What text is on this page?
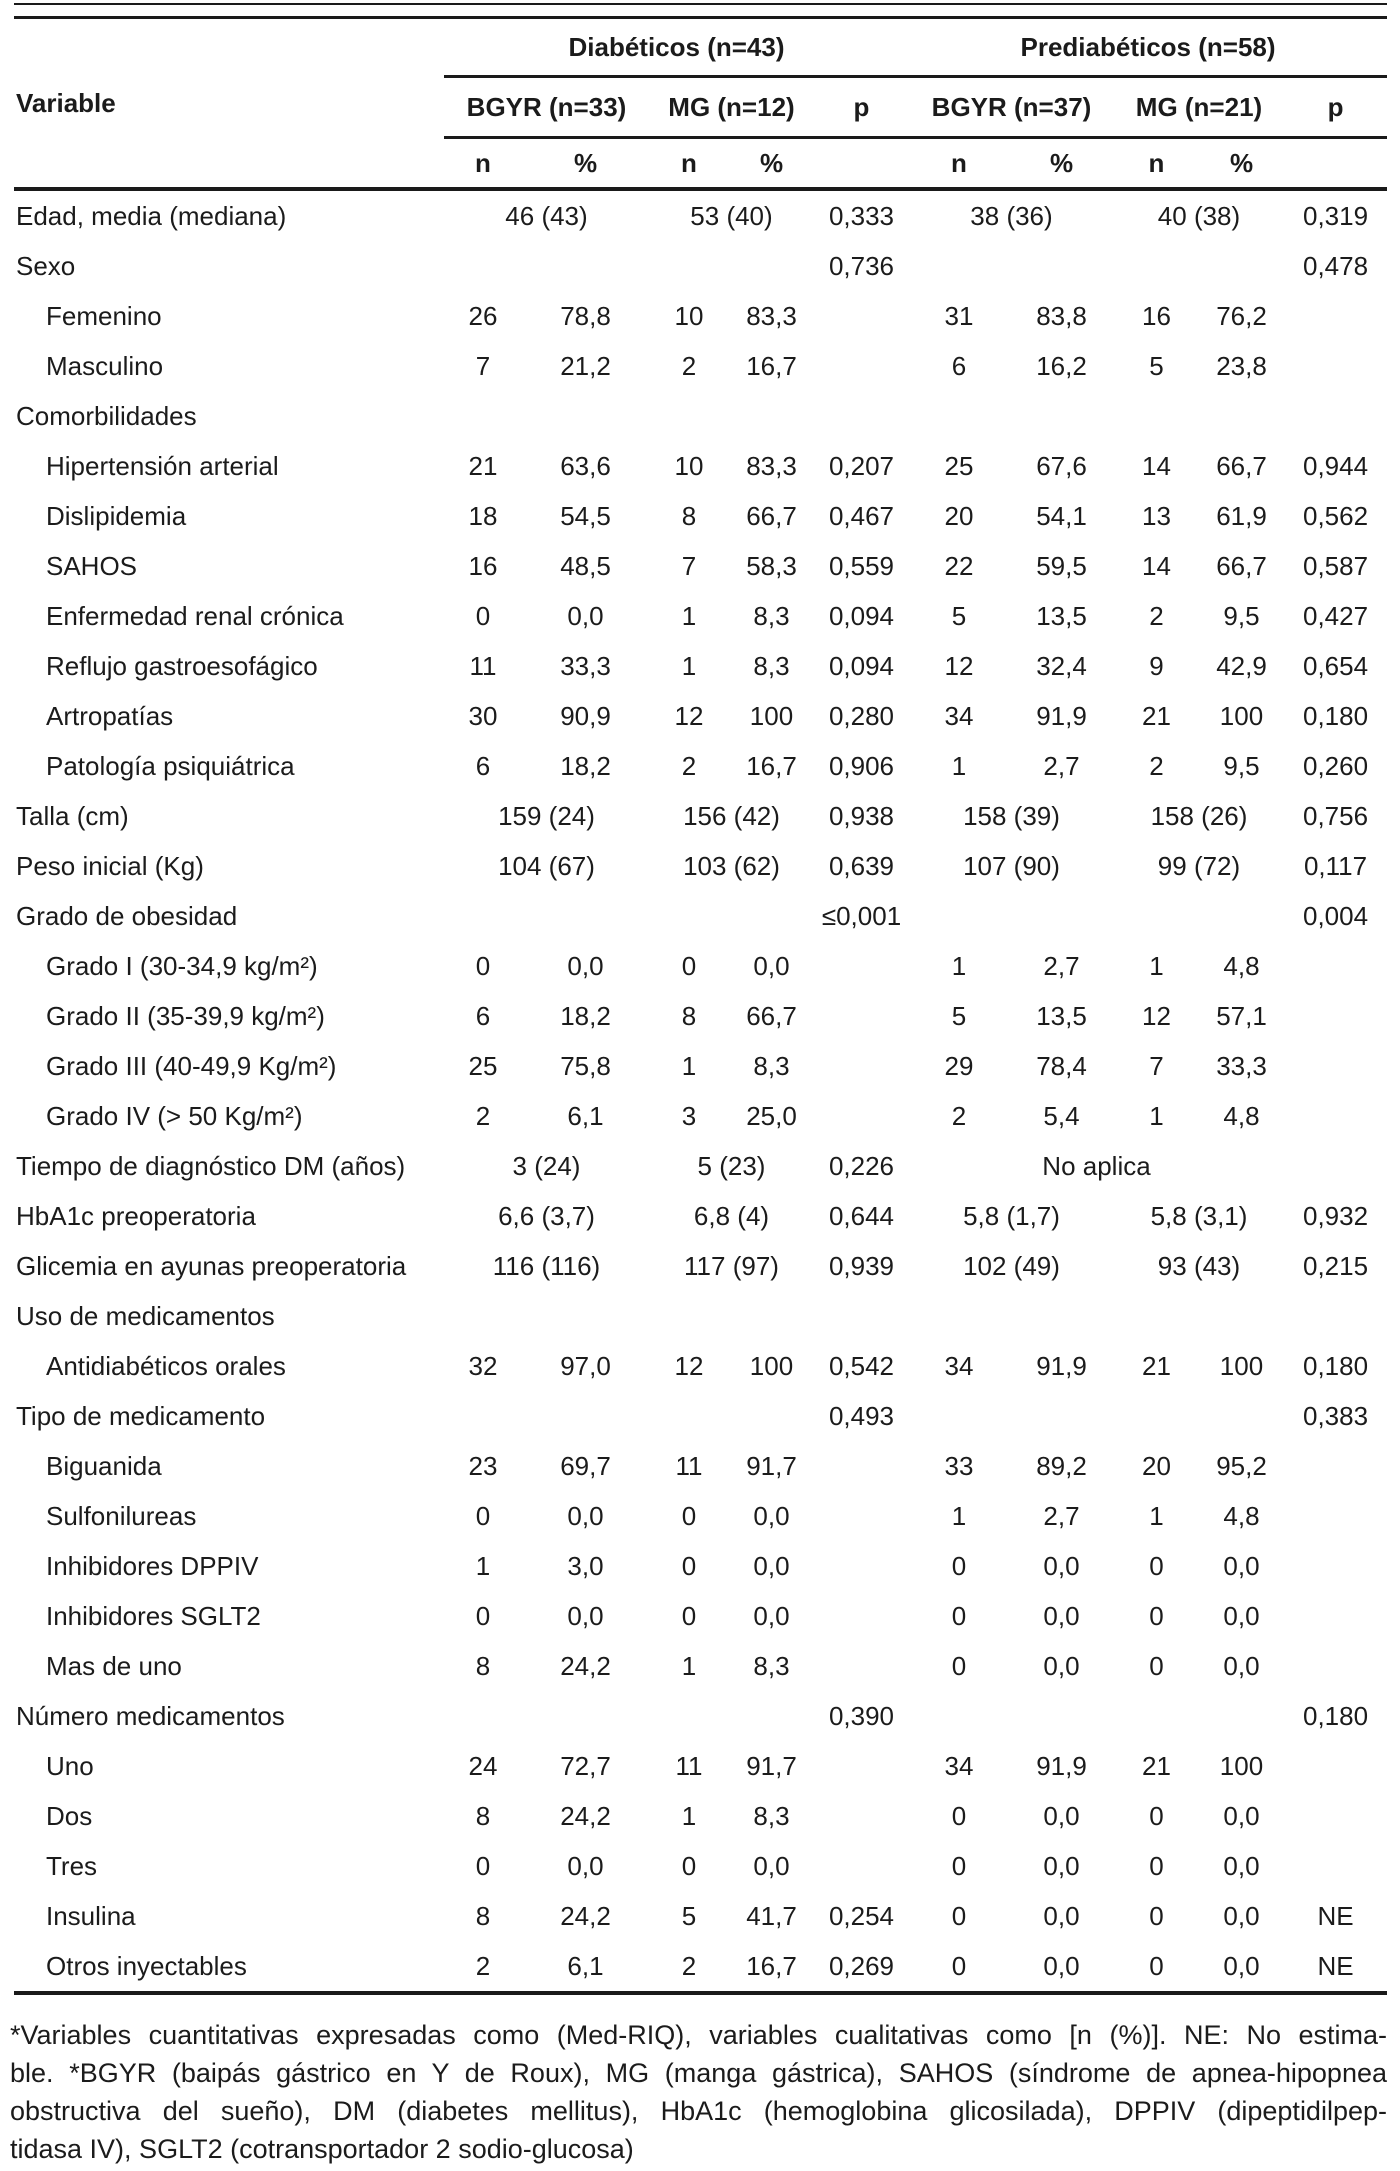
Variable	Diabéticos (n=43)					Prediabéticos (n=58)				
	BGYR (n=33)		MG (n=12)		p	BGYR (n=37)		MG (n=21)		p
	n	%	n	%		n	%	n	%	
Edad, media (mediana)	46 (43)		53 (40)		0,333	38 (36)		40 (38)		0,319
Sexo					0,736					0,478
Femenino	26	78,8	10	83,3		31	83,8	16	76,2	
Masculino	7	21,2	2	16,7		6	16,2	5	23,8	
Comorbilidades										
Hipertensión arterial	21	63,6	10	83,3	0,207	25	67,6	14	66,7	0,944
Dislipidemia	18	54,5	8	66,7	0,467	20	54,1	13	61,9	0,562
SAHOS	16	48,5	7	58,3	0,559	22	59,5	14	66,7	0,587
Enfermedad renal crónica	0	0,0	1	8,3	0,094	5	13,5	2	9,5	0,427
Reflujo gastroesofágico	11	33,3	1	8,3	0,094	12	32,4	9	42,9	0,654
Artropatías	30	90,9	12	100	0,280	34	91,9	21	100	0,180
Patología psiquiátrica	6	18,2	2	16,7	0,906	1	2,7	2	9,5	0,260
Talla (cm)	159 (24)		156 (42)		0,938	158 (39)		158 (26)		0,756
Peso inicial (Kg)	104 (67)		103 (62)		0,639	107 (90)		99 (72)		0,117
Grado de obesidad					≤0,001					0,004
Grado I (30-34,9 kg/m²)	0	0,0	0	0,0		1	2,7	1	4,8	
Grado II (35-39,9 kg/m²)	6	18,2	8	66,7		5	13,5	12	57,1	
Grado III (40-49,9 Kg/m²)	25	75,8	1	8,3		29	78,4	7	33,3	
Grado IV (> 50 Kg/m²)	2	6,1	3	25,0		2	5,4	1	4,8	
Tiempo de diagnóstico DM (años)	3 (24)		5 (23)		0,226	No aplica				
HbA1c preoperatoria	6,6 (3,7)		6,8 (4)		0,644	5,8 (1,7)		5,8 (3,1)		0,932
Glicemia en ayunas preoperatoria	116 (116)		117 (97)		0,939	102 (49)		93 (43)		0,215
Uso de medicamentos										
Antidiabéticos orales	32	97,0	12	100	0,542	34	91,9	21	100	0,180
Tipo de medicamento					0,493					0,383
Biguanida	23	69,7	11	91,7		33	89,2	20	95,2	
Sulfonilureas	0	0,0	0	0,0		1	2,7	1	4,8	
Inhibidores DPPIV	1	3,0	0	0,0		0	0,0	0	0,0	
Inhibidores SGLT2	0	0,0	0	0,0		0	0,0	0	0,0	
Mas de uno	8	24,2	1	8,3		0	0,0	0	0,0	
Número medicamentos					0,390					0,180
Uno	24	72,7	11	91,7		34	91,9	21	100	
Dos	8	24,2	1	8,3		0	0,0	0	0,0	
Tres	0	0,0	0	0,0		0	0,0	0	0,0	
Insulina	8	24,2	5	41,7	0,254	0	0,0	0	0,0	NE
Otros inyectables	2	6,1	2	16,7	0,269	0	0,0	0	0,0	NE
*Variables cuantitativas expresadas como (Med-RIQ), variables cualitativas como [n (%)]. NE: No estima-
ble. *BGYR (baipás gástrico en Y de Roux), MG (manga gástrica), SAHOS (síndrome de apnea-hipopnea
obstructiva del sueño), DM (diabetes mellitus), HbA1c (hemoglobina glicosilada), DPPIV (dipeptidilpep-
tidasa IV), SGLT2 (cotransportador 2 sodio-glucosa)
